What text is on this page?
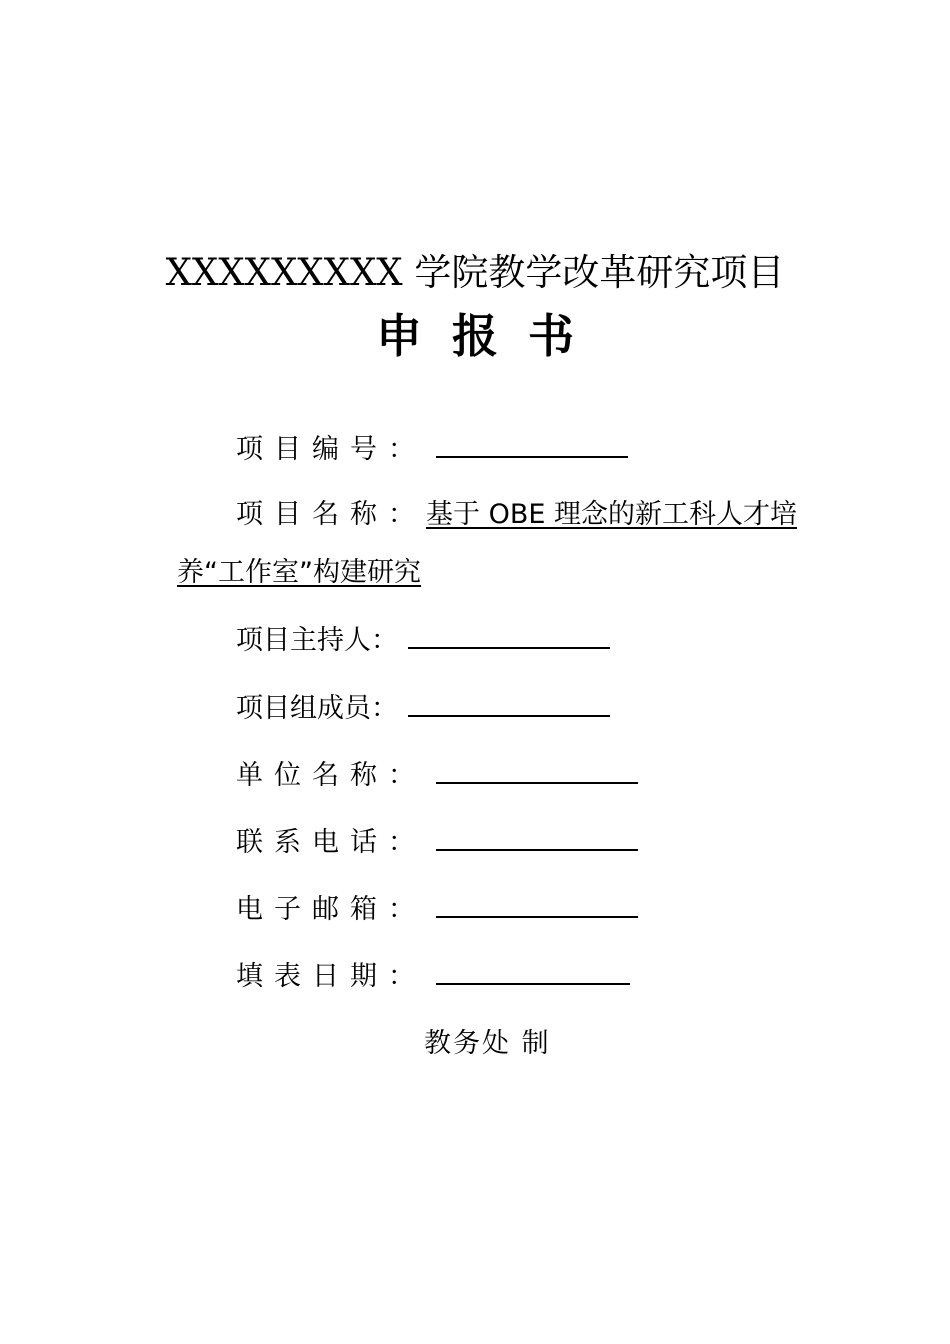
XXXXXXXXX 学院教学改革研究项目
申报书
项目编号：
项目名称：基于 OBE 理念的新工科人才培
养“工作室”构建研究
项目主持人：
项目组成员：
单位名称：
联系电话：
电子邮箱：
填表日期：
教务处 制
